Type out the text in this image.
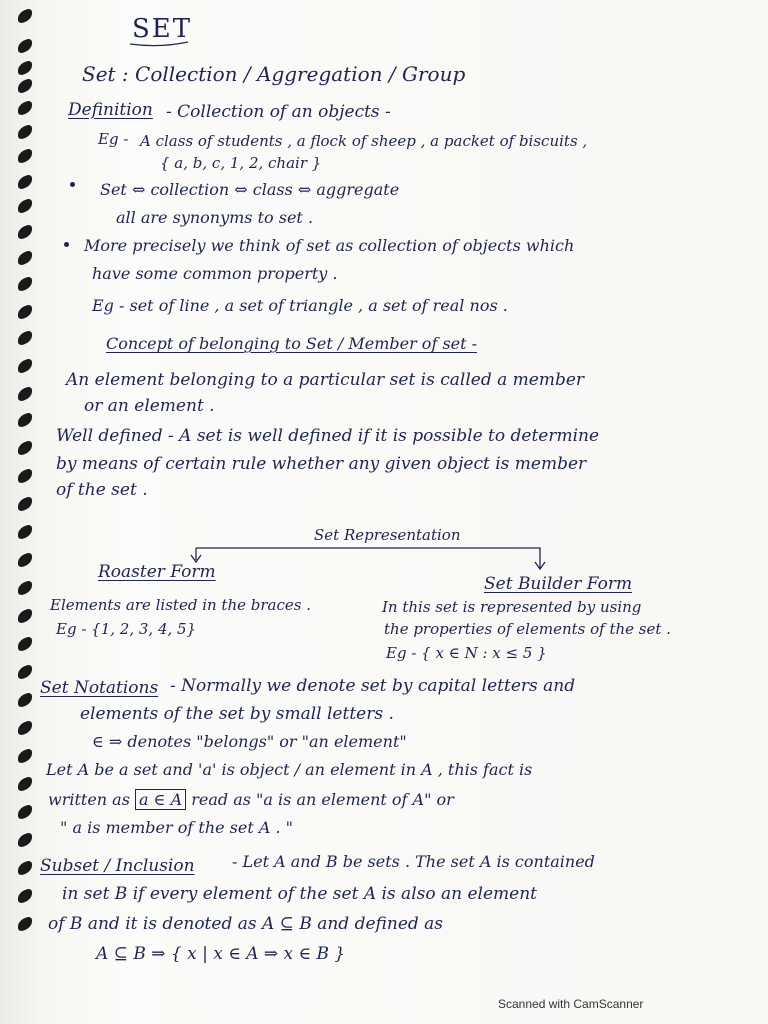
SET
Set : Collection / Aggregation / Group
Definition - Collection of an objects -
Eg - A class of students , a flock of sheep , a packet of biscuits ,
{ a, b, c, 1, 2, chair }
Set ⇔ collection ⇔ class ⇔ aggregate
all are synonyms to set .
More precisely we think of set as collection of objects which
have some common property .
Eg - set of line , a set of triangle , a set of real nos .
Concept of belonging to Set / Member of set -
An element belonging to a particular set is called a member
or an element .
Well defined - A set is well defined if it is possible to determine
by means of certain rule whether any given object is member
of the set .
Set Representation
Roaster Form
Elements are listed in the braces .
Eg - {1, 2, 3, 4, 5}
Set Builder Form
In this set is represented by using
the properties of elements of the set .
Eg - { x ∈ N : x ≤ 5 }
Set Notations - Normally we denote set by capital letters and
elements of the set by small letters .
∈ ⇒ denotes "belongs" or "an element"
Let A be a set and 'a' is object / an element in A , this fact is
written as a ∈ A read as "a is an element of A" or
" a is member of the set A . "
Subset / Inclusion - Let A and B be sets . The set A is contained
in set B if every element of the set A is also an element
of B and it is denoted as A ⊆ B and defined as
A ⊆ B ⇒ { x | x ∈ A ⇒ x ∈ B }
Scanned with CamScanner
